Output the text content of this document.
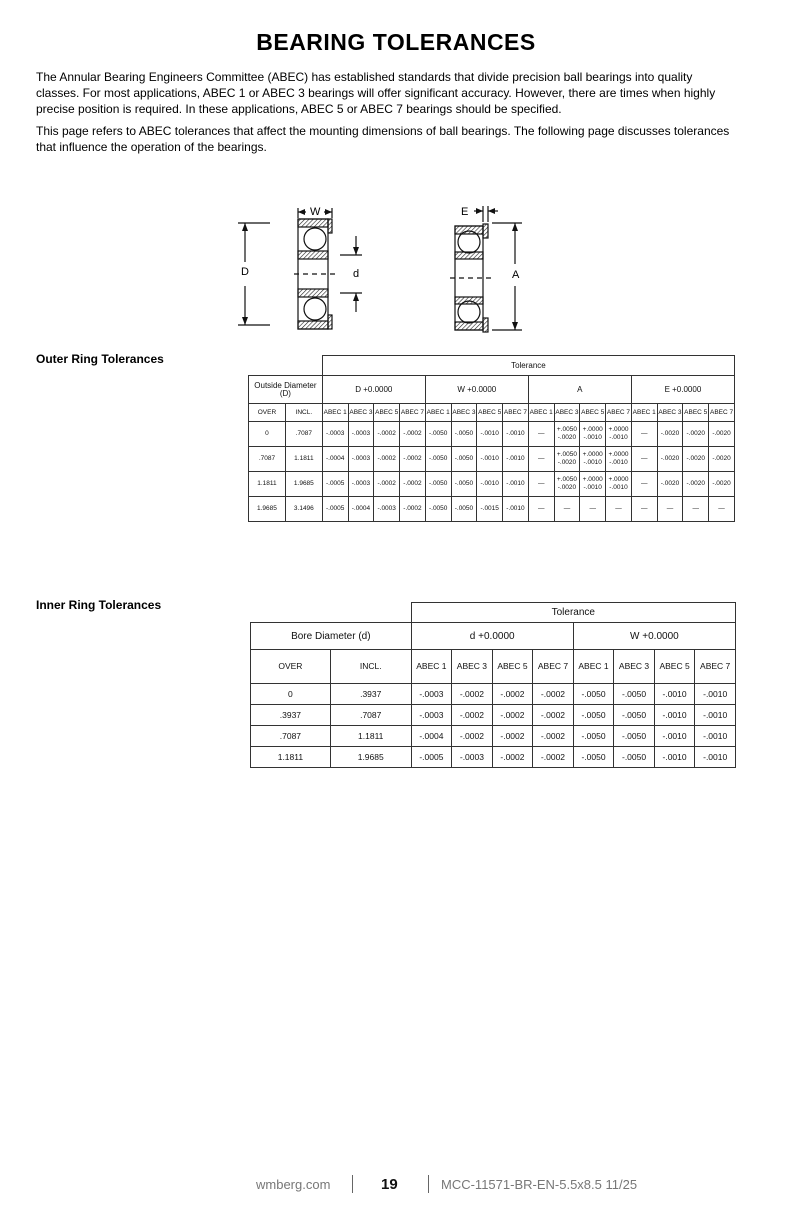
BEARING TOLERANCES
The Annular Bearing Engineers Committee (ABEC) has established standards that divide precision ball bearings into quality classes. For most applications, ABEC 1 or ABEC 3 bearings will offer significant accuracy. However, there are times when highly precise position is required. In these applications, ABEC 5 or ABEC 7 bearings should be specified.
This page refers to ABEC tolerances that affect the mounting dimensions of ball bearings. The following page discusses tolerances that influence the operation of the bearings.
D	d
W	E
A
Outer Ring Tolerances
		Tolerance															
Outside Diameter (D)		D +0.0000				W +0.0000				A				E +0.0000			
OVER	INCL.	ABEC 1	ABEC 3	ABEC 5	ABEC 7	ABEC 1	ABEC 3	ABEC 5	ABEC 7	ABEC 1	ABEC 3	ABEC 5	ABEC 7	ABEC 1	ABEC 3	ABEC 5	ABEC 7
0	.7087	-.0003	-.0003	-.0002	-.0002	-.0050	-.0050	-.0010	-.0010	—	+.0050 -.0020	+.0000 -.0010	+.0000 -.0010	—	-.0020	-.0020	-.0020
.7087	1.1811	-.0004	-.0003	-.0002	-.0002	-.0050	-.0050	-.0010	-.0010	—	+.0050 -.0020	+.0000 -.0010	+.0000 -.0010	—	-.0020	-.0020	-.0020
1.1811	1.9685	-.0005	-.0003	-.0002	-.0002	-.0050	-.0050	-.0010	-.0010	—	+.0050 -.0020	+.0000 -.0010	+.0000 -.0010	—	-.0020	-.0020	-.0020
1.9685	3.1496	-.0005	-.0004	-.0003	-.0002	-.0050	-.0050	-.0015	-.0010	—	—	—	—	—	—	—	—
Inner Ring Tolerances
		Tolerance							
Bore Diameter (d)		d +0.0000				W +0.0000			
OVER	INCL.	ABEC 1	ABEC 3	ABEC 5	ABEC 7	ABEC 1	ABEC 3	ABEC 5	ABEC 7
0	.3937	-.0003	-.0002	-.0002	-.0002	-.0050	-.0050	-.0010	-.0010
.3937	.7087	-.0003	-.0002	-.0002	-.0002	-.0050	-.0050	-.0010	-.0010
.7087	1.1811	-.0004	-.0002	-.0002	-.0002	-.0050	-.0050	-.0010	-.0010
1.1811	1.9685	-.0005	-.0003	-.0002	-.0002	-.0050	-.0050	-.0010	-.0010
wmberg.com	19	MCC-11571-BR-EN-5.5x8.5 11/25
